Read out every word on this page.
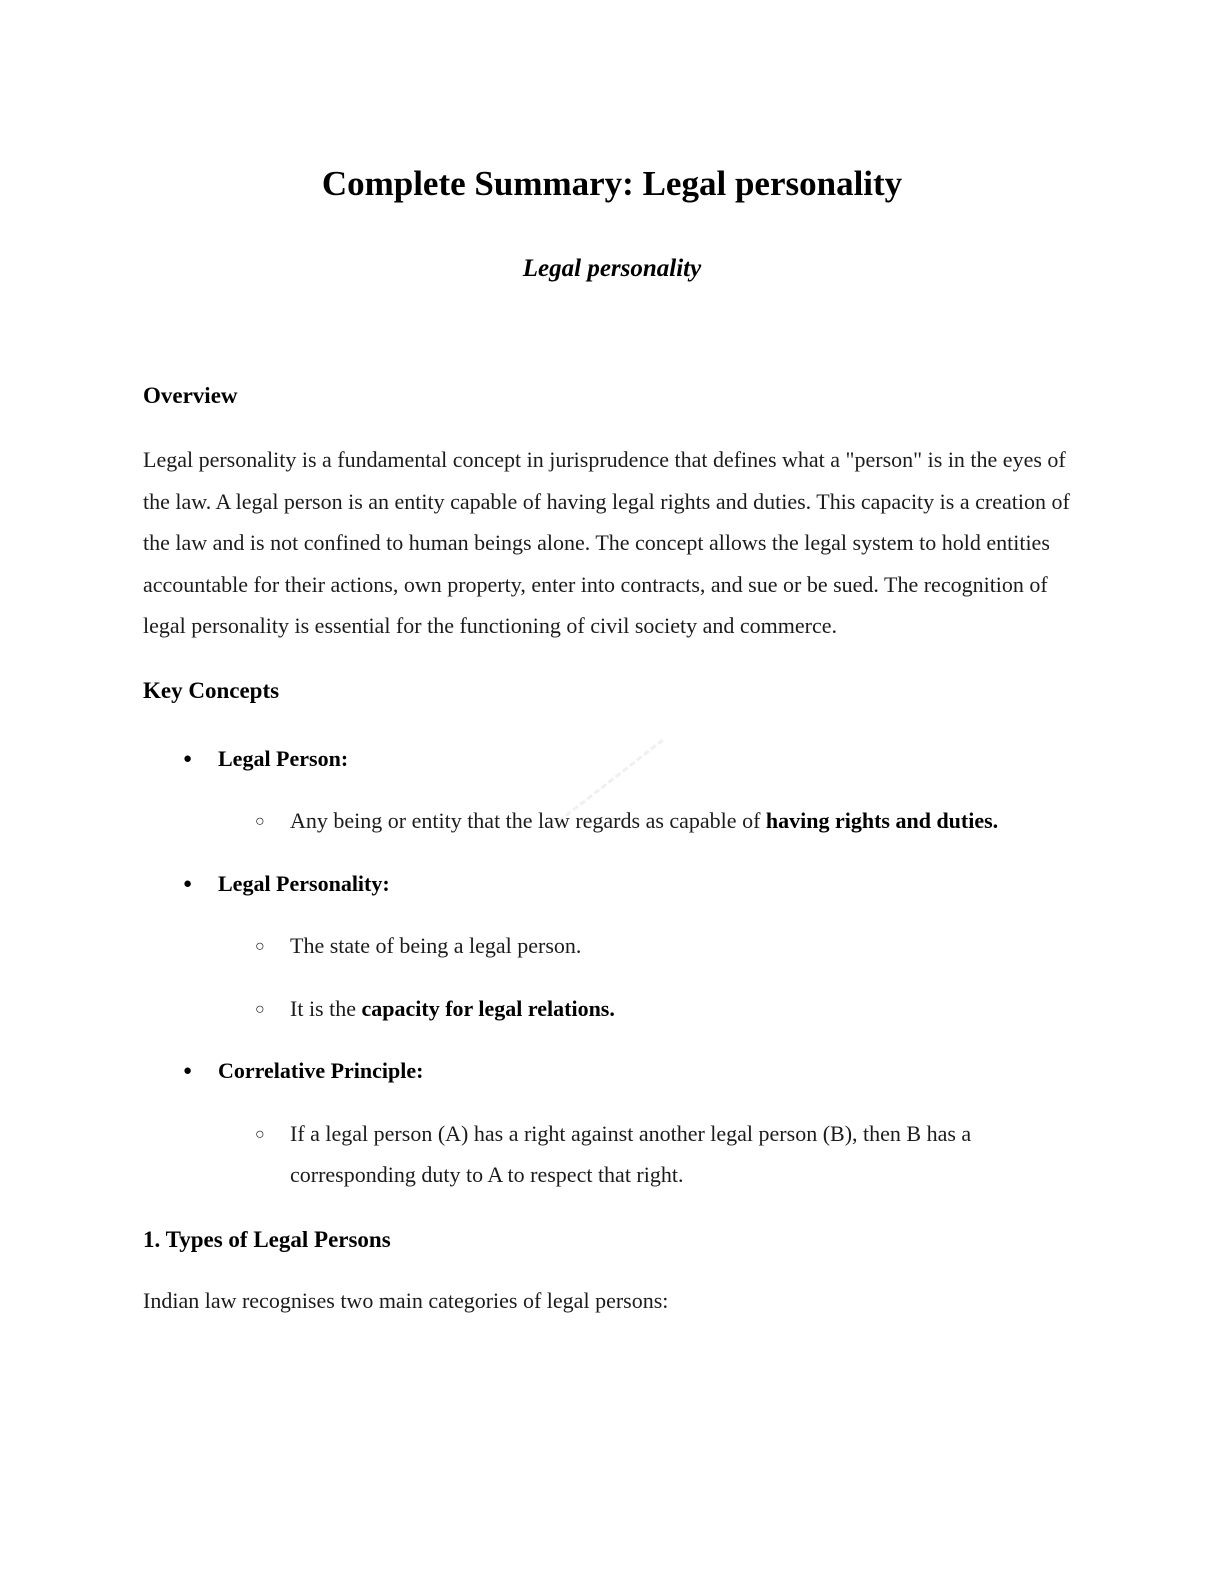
Complete Summary: Legal personality
Legal personality
Overview

Legal personality is a fundamental concept in jurisprudence that defines what a "person" is in the eyes of the law. A legal person is an entity capable of having legal rights and duties. This capacity is a creation of the law and is not confined to human beings alone. The concept allows the legal system to hold entities accountable for their actions, own property, enter into contracts, and sue or be sued. The recognition of legal personality is essential for the functioning of civil society and commerce.

Key Concepts
●	Legal Person:
○	Any being or entity that the law regards as capable of having rights and duties.
●	Legal Personality:
○	The state of being a legal person.
○	It is the capacity for legal relations.
●	Correlative Principle:
○	If a legal person (A) has a right against another legal person (B), then B has a corresponding duty to A to respect that right.
1. Types of Legal Persons

Indian law recognises two main categories of legal persons:
